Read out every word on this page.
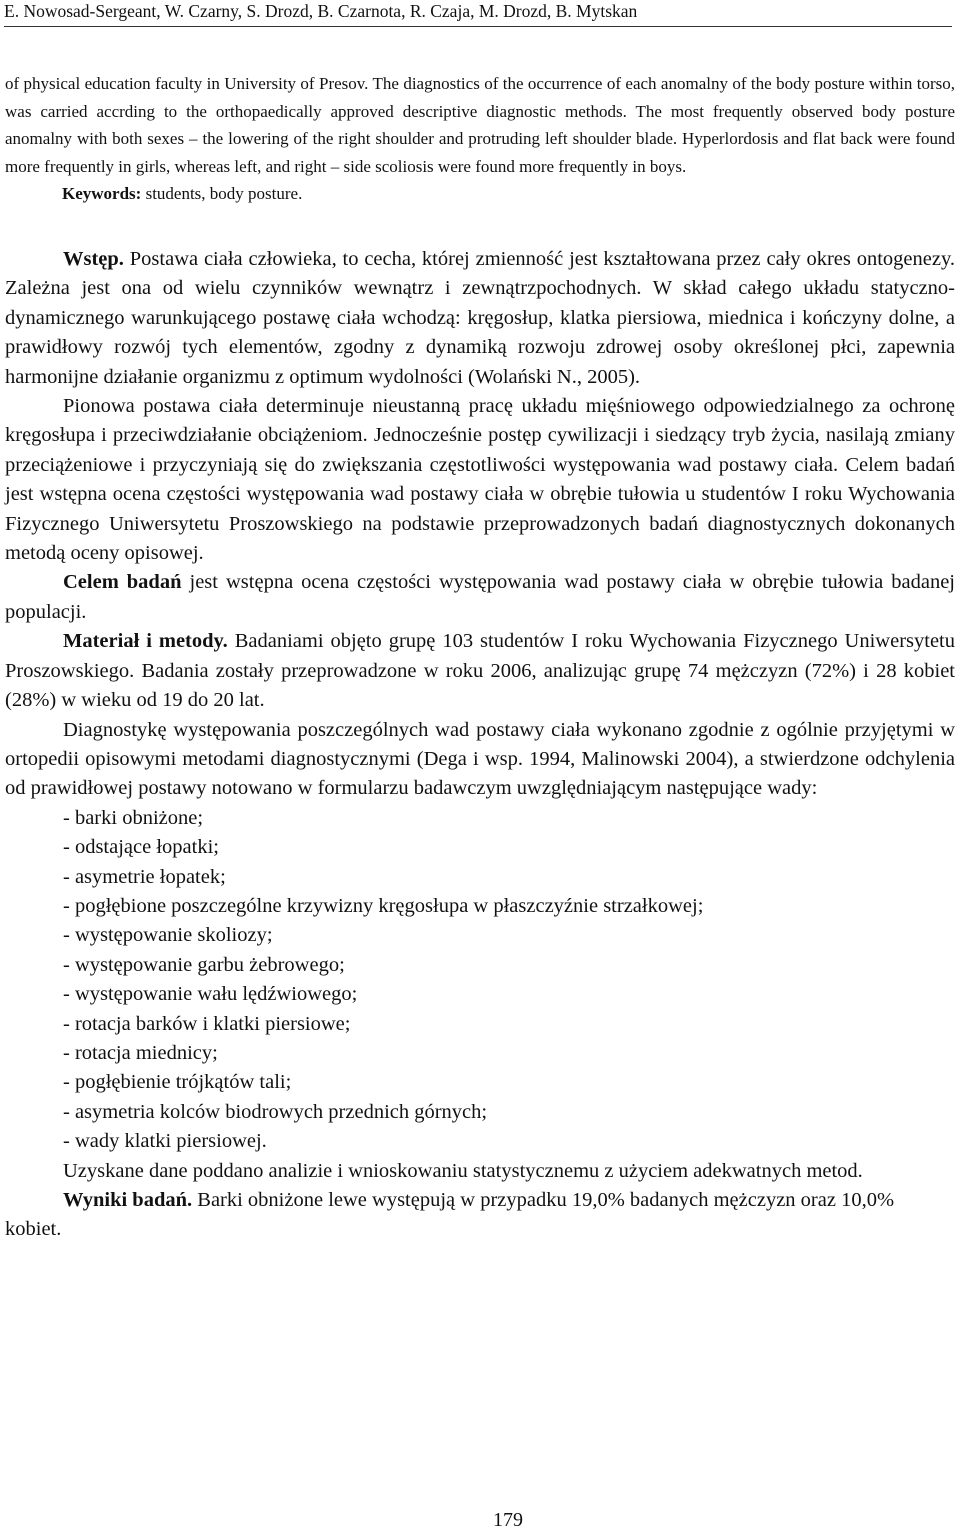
E. Nowosad-Sergeant, W. Czarny, S. Drozd, B. Czarnota, R. Czaja, M. Drozd, B. Mytskan

of physical education faculty in University of Presov. The diagnostics of the occurrence of each anomalny of the body posture within torso, was carried accrding to the orthopaedically approved descriptive diagnostic methods. The most frequently observed body posture anomalny with both sexes – the lowering of the right shoulder and protruding left shoulder blade. Hyperlordosis and flat back were found more frequently in girls, whereas left, and right – side scoliosis were found more frequently in boys.

Keywords: students, body posture.

Wstęp. Postawa ciała człowieka, to cecha, której zmienność jest kształtowana przez cały okres ontogenezy. Zależna jest ona od wielu czynników wewnątrz i zewnątrzpochodnych. W skład całego układu statyczno-dynamicznego warunkującego postawę ciała wchodzą: kręgosłup, klatka piersiowa, miednica i kończyny dolne, a prawidłowy rozwój tych elementów, zgodny z dynamiką rozwoju zdrowej osoby określonej płci, zapewnia harmonijne działanie organizmu z optimum wydolności (Wolański N., 2005).

Pionowa postawa ciała determinuje nieustanną pracę układu mięśniowego odpowiedzialnego za ochronę kręgosłupa i przeciwdziałanie obciążeniom. Jednocześnie postęp cywilizacji i siedzący tryb życia, nasilają zmiany przeciążeniowe i przyczyniają się do zwiększania częstotliwości występowania wad postawy ciała. Celem badań jest wstępna ocena częstości występowania wad postawy ciała w obrębie tułowia u studentów I roku Wychowania Fizycznego Uniwersytetu Proszowskiego na podstawie przeprowadzonych badań diagnostycznych dokonanych metodą oceny opisowej.

Celem badań jest wstępna ocena częstości występowania wad postawy ciała w obrębie tułowia badanej populacji.

Materiał i metody. Badaniami objęto grupę 103 studentów I roku Wychowania Fizycznego Uniwersytetu Proszowskiego. Badania zostały przeprowadzone w roku 2006, analizując grupę 74 mężczyzn (72%) i 28 kobiet (28%) w wieku od 19 do 20 lat.

Diagnostykę występowania poszczególnych wad postawy ciała wykonano zgodnie z ogólnie przyjętymi w ortopedii opisowymi metodami diagnostycznymi (Dega i wsp. 1994, Malinowski 2004), a stwierdzone odchylenia od prawidłowej postawy notowano w formularzu badawczym uwzględniającym następujące wady:

- barki obniżone;
- odstające łopatki;
- asymetrie łopatek;
- pogłębione poszczególne krzywizny kręgosłupa w płaszczyźnie strzałkowej;
- występowanie skoliozy;
- występowanie garbu żebrowego;
- występowanie wału lędźwiowego;
- rotacja barków i klatki piersiowe;
- rotacja miednicy;
- pogłębienie trójkątów tali;
- asymetria kolców biodrowych przednich górnych;
- wady klatki piersiowej.

Uzyskane dane poddano analizie i wnioskowaniu statystycznemu z użyciem adekwatnych metod.

Wyniki badań. Barki obniżone lewe występują w przypadku 19,0% badanych mężczyzn oraz 10,0% kobiet.

179
